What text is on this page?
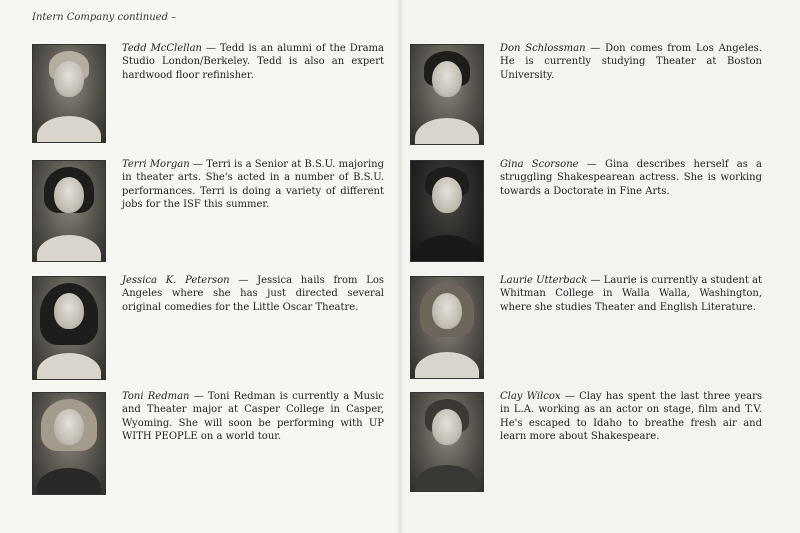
Intern Company continued –
Tedd McClellan — Tedd is an alumni of the Drama Studio London/Berkeley. Tedd is also an expert hardwood floor refinisher.
Terri Morgan — Terri is a Senior at B.S.U. majoring in theater arts. She's acted in a number of B.S.U. performances. Terri is doing a variety of different jobs for the ISF this summer.
Jessica K. Peterson — Jessica hails from Los Angeles where she has just directed several original comedies for the Little Oscar Theatre.
Toni Redman — Toni Redman is currently a Music and Theater major at Casper College in Casper, Wyoming. She will soon be performing with UP WITH PEOPLE on a world tour.
Don Schlossman — Don comes from Los Angeles. He is currently studying Theater at Boston University.
Gina Scorsone — Gina describes herself as a struggling Shakespearean actress. She is working towards a Doctorate in Fine Arts.
Laurie Utterback — Laurie is currently a student at Whitman College in Walla Walla, Washington, where she studies Theater and English Literature.
Clay Wilcox — Clay has spent the last three years in L.A. working as an actor on stage, film and T.V. He's escaped to Idaho to breathe fresh air and learn more about Shakespeare.
